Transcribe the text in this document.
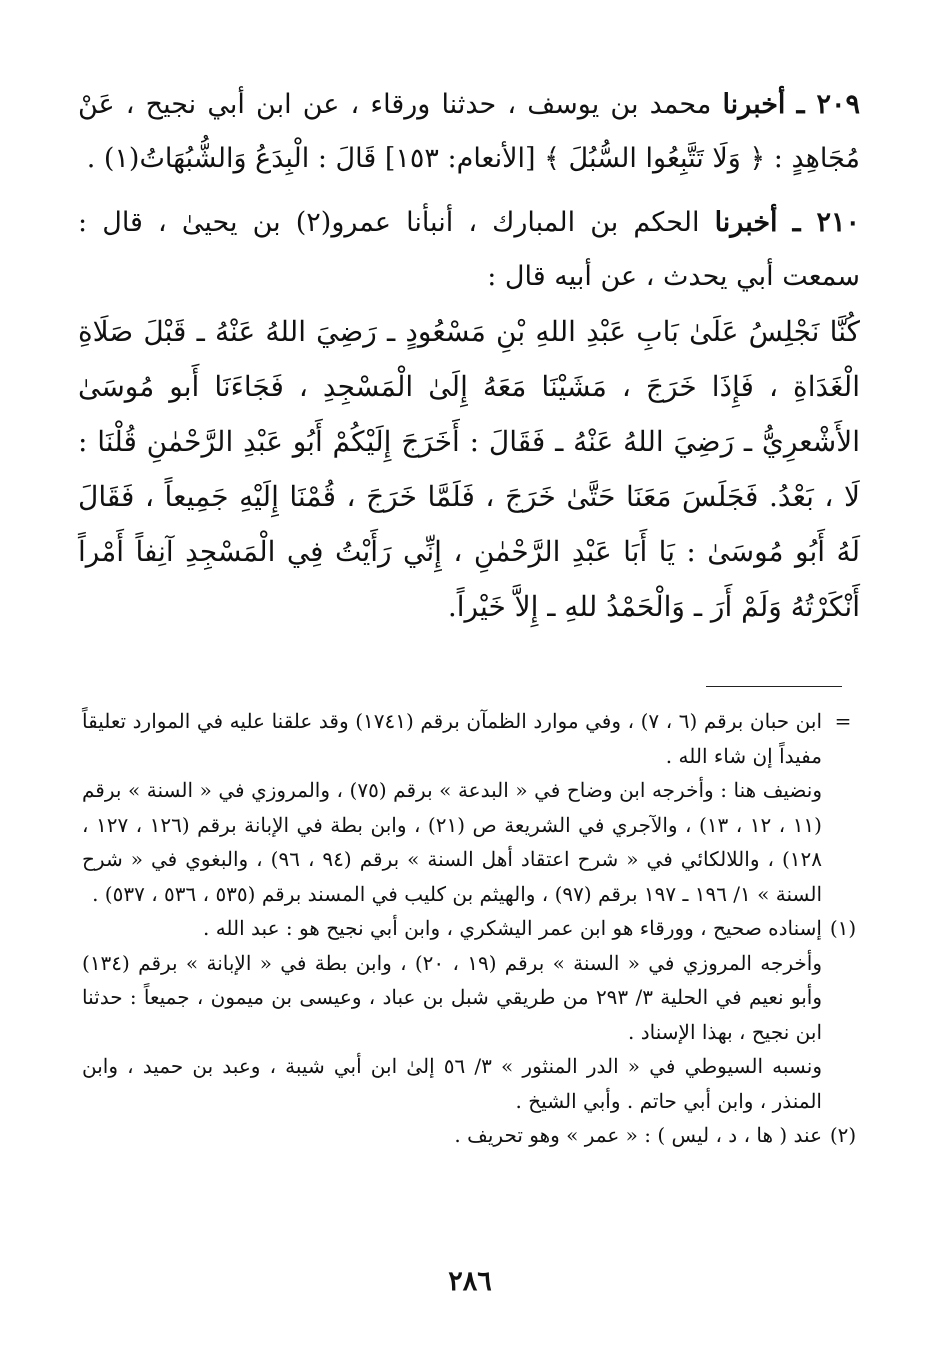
٢٠٩ ـ أخبرنا محمد بن يوسف ، حدثنا ورقاء ، عن ابن أبي نجيح ، عَنْ مُجَاهِدٍ : ﴿ وَلَا تَتَّبِعُوا السُّبُلَ ﴾ [الأنعام: ١٥٣] قَالَ : الْبِدَعُ وَالشُّبُهَاتُ(١) .

٢١٠ ـ أخبرنا الحكم بن المبارك ، أنبأنا عمرو(٢) بن يحيىٰ ، قال : سمعت أبي يحدث ، عن أبيه قال :

كُنَّا نَجْلِسُ عَلَىٰ بَابِ عَبْدِ اللهِ بْنِ مَسْعُودٍ ـ رَضِيَ اللهُ عَنْهُ ـ قَبْلَ صَلَاةِ الْغَدَاةِ ، فَإِذَا خَرَجَ ، مَشَيْنَا مَعَهُ إِلَىٰ الْمَسْجِدِ ، فَجَاءَنَا أَبو مُوسَىٰ الأَشْعرِيُّ ـ رَضِيَ اللهُ عَنْهُ ـ فَقَالَ : أَخَرَجَ إِلَيْكُمْ أَبُو عَبْدِ الرَّحْمٰنِ قُلْنَا : لَا ، بَعْدُ. فَجَلَسَ مَعَنَا حَتَّىٰ خَرَجَ ، فَلَمَّا خَرَجَ ، قُمْنَا إِلَيْهِ جَمِيعاً ، فَقَالَ لَهُ أَبُو مُوسَىٰ : يَا أَبَا عَبْدِ الرَّحْمٰنِ ، إِنِّي رَأَيْتُ فِي الْمَسْجِدِ آنِفاً أَمْراً أَنْكَرْتُهُ وَلَمْ أَرَ ـ وَالْحَمْدُ للهِ ـ إِلاَّ خَيْراً.

=
ابن حبان برقم (٦ ، ٧) ، وفي موارد الظمآن برقم (١٧٤١) وقد علقنا عليه في الموارد تعليقاً مفيداً إن شاء الله .
ونضيف هنا : وأخرجه ابن وضاح في « البدعة » برقم (٧٥) ، والمروزي في « السنة » برقم (١١ ، ١٢ ، ١٣) ، والآجري في الشريعة ص (٢١) ، وابن بطة في الإبانة برقم (١٢٦ ، ١٢٧ ، ١٢٨) ، واللالكائي في « شرح اعتقاد أهل السنة » برقم (٩٤ ، ٩٦) ، والبغوي في « شرح السنة » ١/ ١٩٦ ـ ١٩٧ برقم (٩٧) ، والهيثم بن كليب في المسند برقم (٥٣٥ ، ٥٣٦ ، ٥٣٧) .
(١)
إسناده صحيح ، وورقاء هو ابن عمر اليشكري ، وابن أبي نجيح هو : عبد الله .
وأخرجه المروزي في « السنة » برقم (١٩ ، ٢٠) ، وابن بطة في « الإبانة » برقم (١٣٤) وأبو نعيم في الحلية ٣/ ٢٩٣ من طريقي شبل بن عباد ، وعيسى بن ميمون ، جميعاً : حدثنا ابن نجيح ، بهذا الإسناد .
ونسبه السيوطي في « الدر المنثور » ٣/ ٥٦ إلىٰ ابن أبي شيبة ، وعبد بن حميد ، وابن المنذر ، وابن أبي حاتم . وأبي الشيخ .
(٢)
عند ( ها ، د ، ليس ) : « عمر » وهو تحريف .
٢٨٦
